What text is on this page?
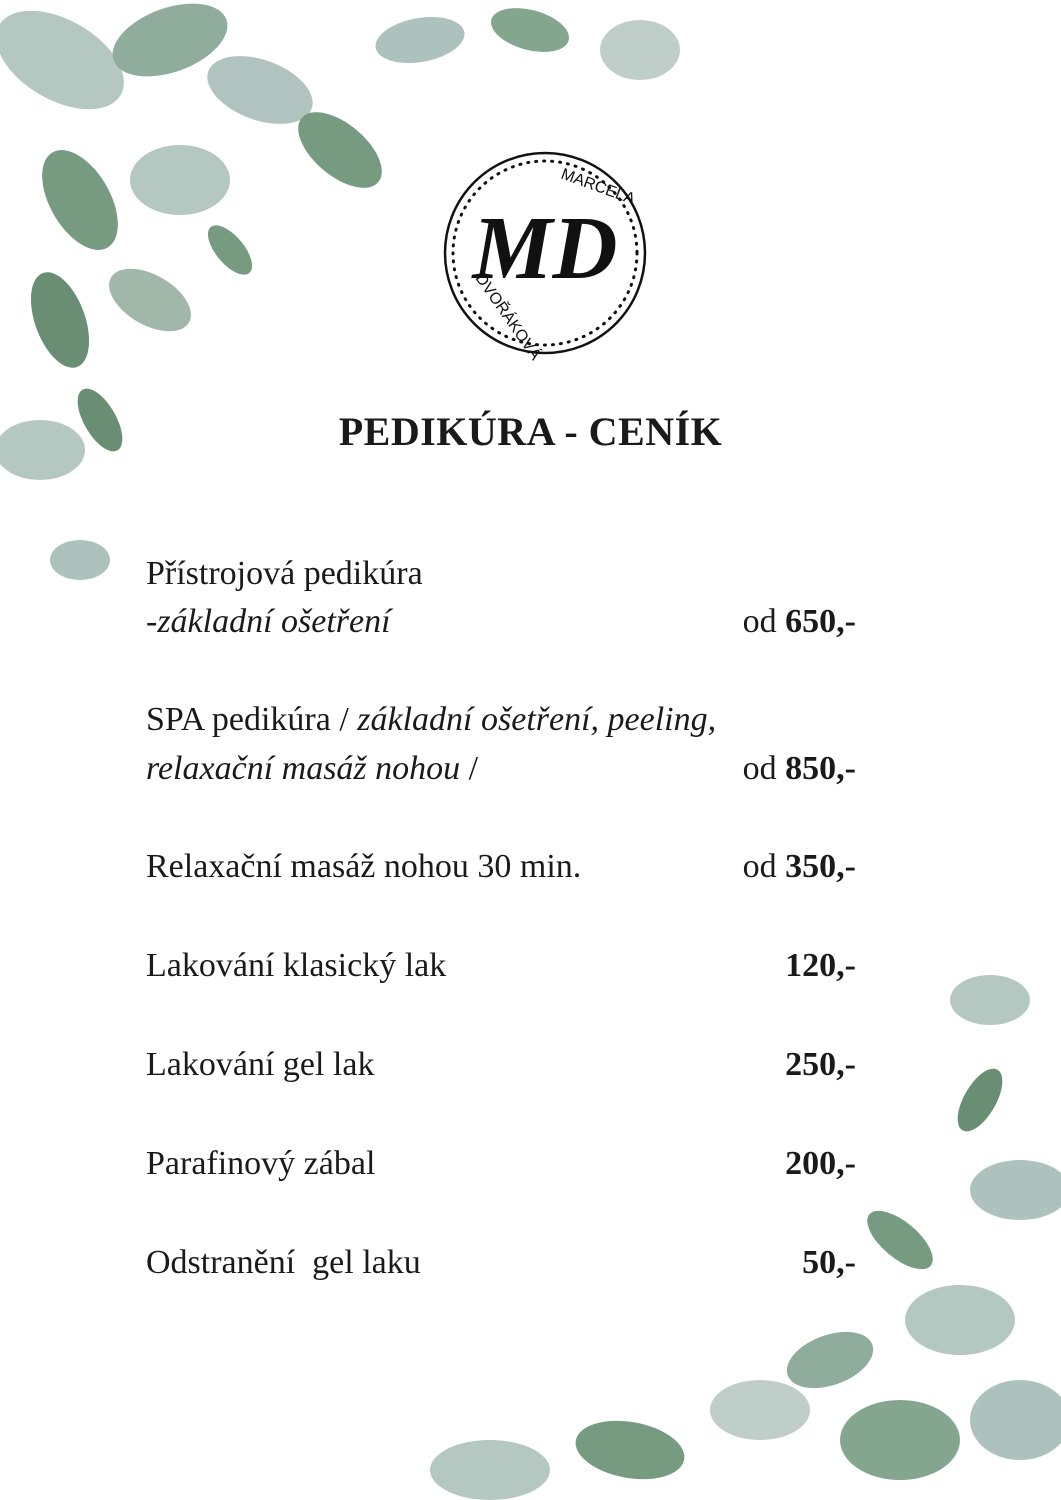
MD
MARCELA
DVOŘÁKOVÁ
PEDIKÚRA - CENÍK
Přístrojová pedikúra
-základní ošetření	od 650,-
SPA pedikúra / základní ošetření, peeling,
relaxační masáž nohou /	od 850,-
Relaxační masáž nohou 30 min.	od 350,-
Lakování klasický lak	120,-
Lakování gel lak	250,-
Parafinový zábal	200,-
Odstranění  gel laku	50,-
